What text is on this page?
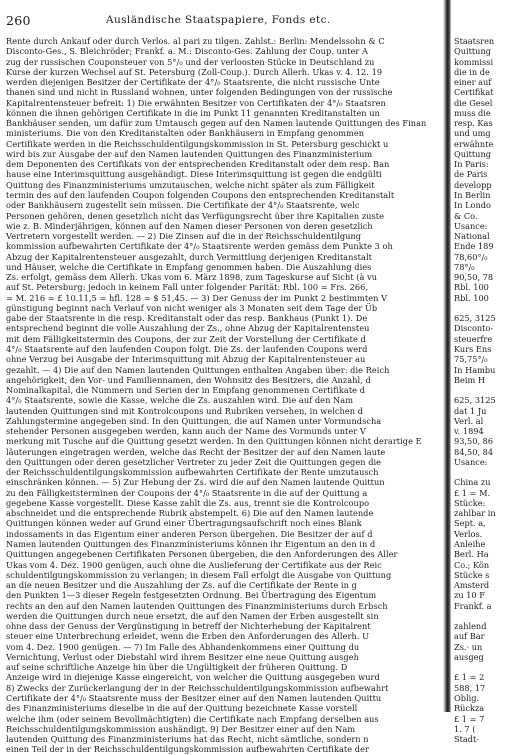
260	Ausländische Staatspapiere, Fonds etc.
Rente durch Ankauf oder durch Verlos. al pari zu tilgen. Zahlst.: Berlin: Mendelssohn & C
Disconto-Ges., S. Bleichröder; Frankf. a. M.: Disconto-Ges. Zahlung der Coup. unter A
zug der russischen Couponsteuer von 5°/₀ und der verloosten Stücke in Deutschland zu
Kurse der kurzen Wechsel auf St. Petersburg (Zoll-Coup.). Durch Allerh. Ukas v. 4. 12. 19
werden diejenigen Besitzer der Certifikate der 4°/₀ Staatsrente, die nicht russische Unte
thanen sind und nicht in Russland wohnen, unter folgenden Bedingungen von der russische
Kapitalrentensteuer befreit: 1) Die erwähnten Besitzer von Certifikaten der 4°/₀ Staatsren
können die ihnen gehörigen Certifikate in die im Punkt 11 genannten Kreditanstalten un
Bankhäuser senden, um dafür zum Umtausch gegen auf den Namen lautende Quittungen des Finan
ministeriums. Die von den Kreditanstalten oder Bankhäusern in Empfang genommen
Certifikate werden in die Reichsschuldentilgungskommission in St. Petersburg geschickt u
wird bis zur Ausgabe der auf den Namen lautenden Quittungen des Finanzministerium
dem Deponenten des Certifikats von der entsprechenden Kreditanstalt oder dem resp. Ban
hause eine Interimsquittung ausgehändigt. Diese Interimsquittung ist gegen die endgülti
Quittung des Finanzministeriums umzutauschen, welche nicht später als zum Fälligkeit
termin des auf den laufenden Coupon folgenden Coupons den entsprechenden Kreditanstalt
oder Bankhäusern zugestellt sein müssen. Die Certifikate der 4°/₀ Staatsrente, welc
Personen gehören, denen gesetzlich nicht das Verfügungsrecht über ihre Kapitalien zuste
wie z. B. Minderjährigen, können auf den Namen dieser Personen von deren gesetzlich
Vertretern vorgestellt werden. — 2) Die Zinsen auf die in der Reichsschuldentilgung
kommission aufbewahrten Certifikate der 4°/₀ Staatsrente werden gemäss dem Punkte 3 oh
Abzug der Kapitalrentensteuer ausgezahlt, durch Vermittlung derjenigen Kreditanstalt
und Häuser, welche die Certifikate in Empfang genommen haben. Die Auszahlung dies
Zs. erfolgt, gemäss dem Allerh. Ukas vom 6. März 1898, zum Tageskurse auf Sicht (à vu
auf St. Petersburg: jedoch in keinem Fall unter folgender Parität: Rbl. 100 = Frs. 266,
= M. 216 = £ 10.11,5 = hfl. 128 = $ 51,45. — 3) Der Genuss der im Punkt 2 bestimmten V
günstigung beginnt nach Verlauf von nicht weniger als 3 Monaten seit dem Tage der Üb
gabe der Staatsrente in die resp. Kreditanstalt oder das resp. Bankhaus (Punkt 1). De
entsprechend beginnt die volle Auszahlung der Zs., ohne Abzug der Kapitalrentensteu
mit dem Fälligkeitstermin des Coupons, der zur Zeit der Vorstellung der Certifikate d
4°/₀ Staatsrente auf den laufenden Coupon folgt. Die Zs. der laufenden Coupons werd
ohne Verzug bei Ausgabe der Interimsquittung mit Abzug der Kapitalrentensteuer au
gezahlt. — 4) Die auf den Namen lautenden Quittungen enthalten Angaben über: die Reich
angehörigkeit, den Vor- und Familiennamen, den Wohnsitz des Besitzers, die Anzahl, d
Nominalkapital, die Nummern und Serien der in Empfang genommenen Certifikate d
4°/₀ Staatsrente, sowie die Kasse, welche die Zs. auszahlen wird. Die auf den Nam
lautenden Quittungen sind mit Kontrolcoupons und Rubriken versehen, in welchen d
Zahlungstermine angegeben sind. In den Quittungen, die auf Namen unter Vormundscha
stehender Personen ausgegeben werden, kann auch der Name des Vormunds unter V
merkung mit Tusche auf die Quittung gesetzt werden. In den Quittungen können nicht derartige E
läuterungen eingetragen werden, welche das Recht der Besitzer der auf den Namen laute
den Quittungen oder deren gesetzlicher Vertreter zu jeder Zeit die Quittungen gegen die
der Reichsschuldentilgungskommission aufbewahrten Certifikate der Rente umzutausch
einschränken können. — 5) Zur Hebung der Zs. wird die auf den Namen lautende Quittun
zu den Fälligkeitsterminen der Coupons der 4°/₀ Staatsrente in die auf der Quittung a
gegebene Kasse vorgestellt. Diese Kasse zahlt die Zs. aus, trennt sie die Kontrolcoupo
abschneidet und die entsprechende Rubrik abstempelt. 6) Die auf den Namen lautende
Quittungen können weder auf Grund einer Übertragungsaufschrift noch eines Blank
indossaments in das Eigentum einer anderen Person übergehen. Die Besitzer der auf d
Namen lautenden Quittungen des Finanzministeriums können ihr Eigentum an den in d
Quittungen angegebenen Certifikaten Personen übergeben, die den Anforderungen des Aller
Ukas vom 4. Dez. 1900 genügen, auch ohne die Auslieferung der Certifikate aus der Reic
schuldentilgungskommission zu verlangen; in diesem Fall erfolgt die Ausgabe von Quittung
an die neuen Besitzer und die Auszahlung der Zs. auf die Certifikate der Rente in g
den Punkten 1—3 dieser Regeln festgesetzten Ordnung. Bei Übertragung des Eigentum
rechts an den auf den Namen lautenden Quittungen des Finanzministeriums durch Erbsch
werden die Quittungen durch neue ersetzt, die auf den Namen der Erben ausgestellt sin
ohne dass der Genuss der Vergünstigung in betreff der Nichterhebung der Kapitalrent
steuer eine Unterbrechung erleidet, wenn die Erben den Anforderungen des Allerh. U
vom 4. Dez. 1900 genügen. — 7) Im Falle des Abhandenkommens einer Quittung du
Vernichtung, Verlust oder Diebstahl wird ihrem Besitzer eine neue Quittung ausgeh
auf seine schriftliche Anzeige hin über die Ungültigkeit der früheren Quittung. D
Anzeige wird in diejenige Kasse eingereicht, von welcher die Quittung ausgegeben wurd
8) Zwecks der Zurückerlangung der in der Reichsschuldentilgungskommission aufbewahrt
Certifikate der 4°/₀ Staatsrente muss der Besitzer einer auf den Namen lautenden Quittu
des Finanzministeriums dieselbe in die auf der Quittung bezeichnete Kasse vorstell
welche ihm (oder seinem Bevollmächtigten) die Certifikate nach Empfang derselben aus
Reichsschuldentilgungskommission aushändigt. 9) Der Besitzer einer auf den Nam
lautenden Quittung des Finanzministeriums hat das Recht, nicht sämtliche, sondern n
einen Teil der in der Reichsschuldentilgungskommission aufbewahrten Certifikate der
Staatsren
Quittung
kommissi
die in de
einer auf
Certifikat
die Gesel
muss die
resp. Kas
und umg
erwähnte
Quittung
In Paris:
de Paris
developp
In Berlin
In Londo
& Co.
Usance:
National
Ende 189
78,60°/₀
78°/₀
90,50, 78
Rbl. 100
Rbl. 100
625, 3125
Disconto-
steuerfre
Kurs Ens
75,75°/₀
In Hambu
Beim H
625, 3125
dat 1 Ju
Verl. al
v. 1894
93,50, 86
84,50, 84
Usance:
China zu
£ 1 = M.
Stücke:
zahlbar in
Sept. a,
Verlos.
Anleihe
Berl. Ha
Co.; Kön
Stücke s
Amsterd
zu 10 F
Frankf. a
zahlend
auf Bar
Zs.· un
ausgeg
£ 1 = 2
588, 17
Oblig.
Rückza
£ 1 = 7
1. 7 (
Stadt-
